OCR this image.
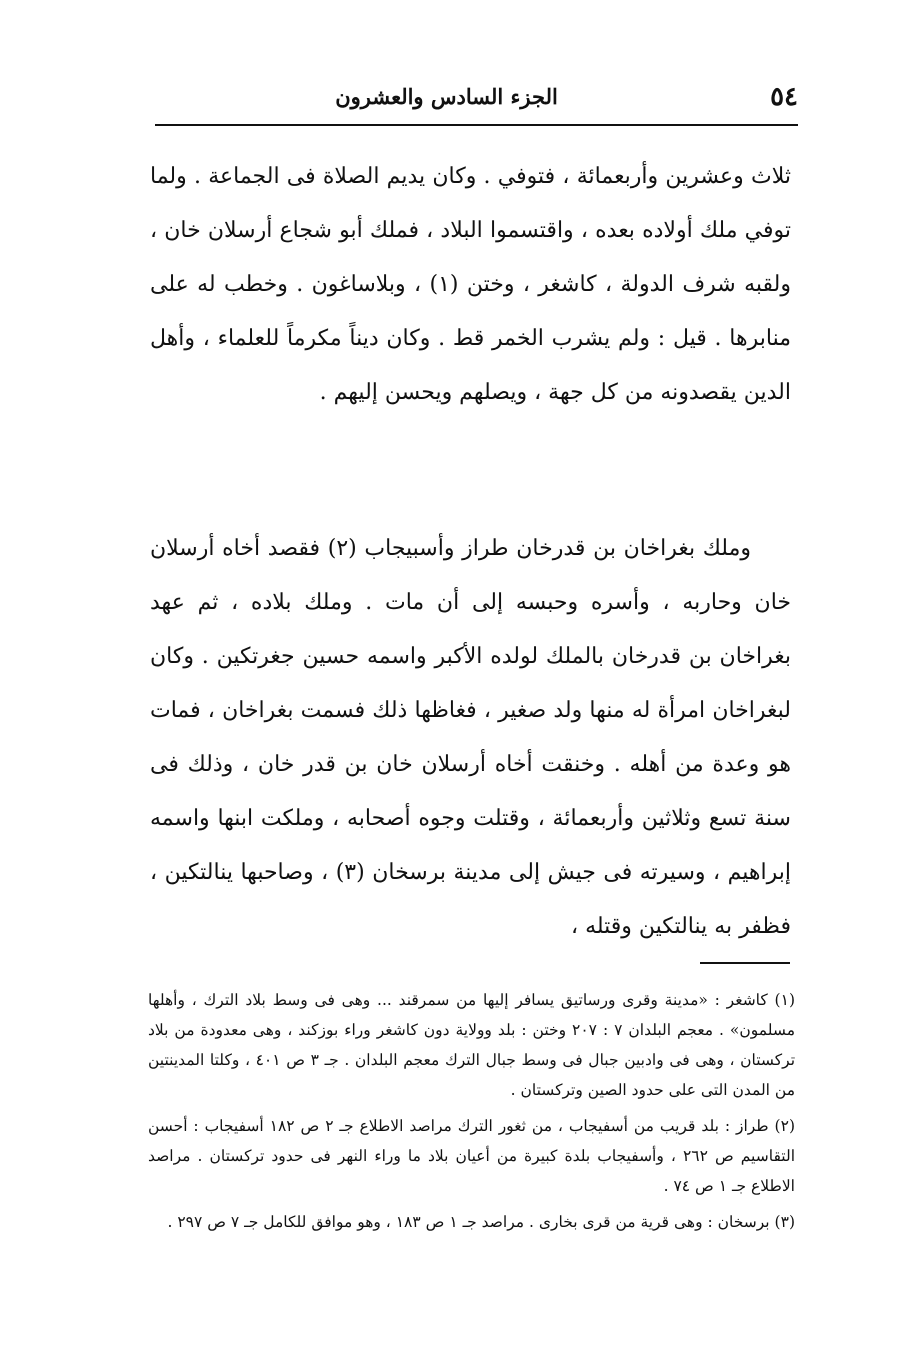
٥٤
الجزء السادس والعشرون

ثلاث وعشرين وأربعمائة ، فتوفي . وكان يديم الصلاة فى الجماعة . ولما توفي ملك أولاده بعده ، واقتسموا البلاد ، فملك أبو شجاع أرسلان خان ، ولقبه شرف الدولة ، كاشغر ، وختن (١) ، وبلاساغون . وخطب له على منابرها . قيل : ولم يشرب الخمر قط . وكان ديناً مكرماً للعلماء ، وأهل الدين يقصدونه من كل جهة ، ويصلهم ويحسن إليهم .

وملك بغراخان بن قدرخان طراز وأسبيجاب (٢) فقصد أخاه أرسلان خان وحاربه ، وأسره وحبسه إلى أن مات . وملك بلاده ، ثم عهد بغراخان بن قدرخان بالملك لولده الأكبر واسمه حسين جغرتكين . وكان لبغراخان امرأة له منها ولد صغير ، فغاظها ذلك فسمت بغراخان ، فمات هو وعدة من أهله . وخنقت أخاه أرسلان خان بن قدر خان ، وذلك فى سنة تسع وثلاثين وأربعمائة ، وقتلت وجوه أصحابه ، وملكت ابنها واسمه إبراهيم ، وسيرته فى جيش إلى مدينة برسخان (٣) ، وصاحبها ينالتكين ، فظفر به ينالتكين وقتله ،

(١) كاشغر : «مدينة وقرى ورساتيق يسافر إليها من سمرقند ... وهى فى وسط بلاد الترك ، وأهلها مسلمون» . معجم البلدان ٧ : ٢٠٧ وختن : بلد وولاية دون كاشغر وراء بوزكند ، وهى معدودة من بلاد تركستان ، وهى فى وادبين جبال فى وسط جبال الترك معجم البلدان . جـ ٣ ص ٤٠١ ، وكلتا المدينتين من المدن التى على حدود الصين وتركستان .

(٢) طراز : بلد قريب من أسفيجاب ، من ثغور الترك مراصد الاطلاع جـ ٢ ص ١٨٢ أسفيجاب : أحسن التقاسيم ص ٢٦٢ ، وأسفيجاب بلدة كبيرة من أعيان بلاد ما وراء النهر فى حدود تركستان . مراصد الاطلاع جـ ١ ص ٧٤ .

(٣) برسخان : وهى قرية من قرى بخارى . مراصد جـ ١ ص ١٨٣ ، وهو موافق للكامل جـ ٧ ص ٢٩٧ .
